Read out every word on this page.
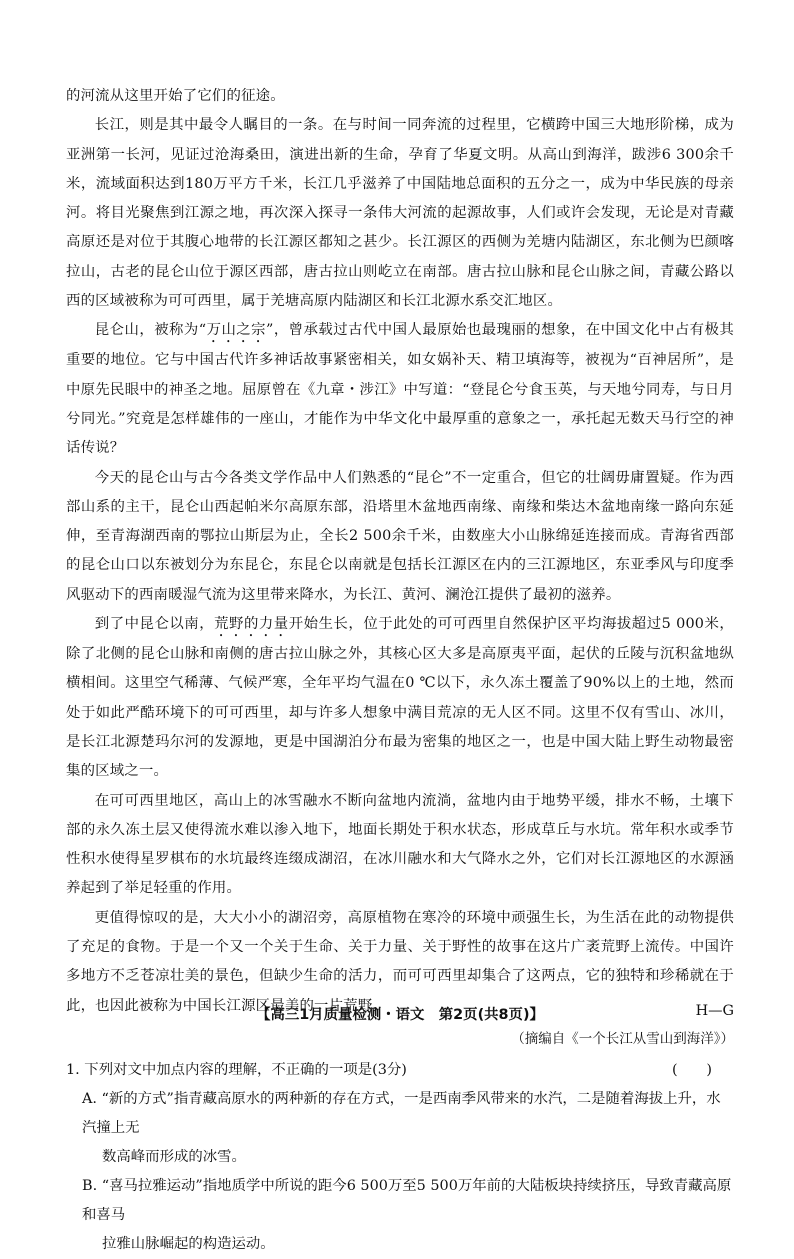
的河流从这里开始了它们的征途。

长江，则是其中最令人瞩目的一条。在与时间一同奔流的过程里，它横跨中国三大地形阶梯，成为亚洲第一长河，见证过沧海桑田，演进出新的生命，孕育了华夏文明。从高山到海洋，跋涉6 300余千米，流域面积达到180万平方千米，长江几乎滋养了中国陆地总面积的五分之一，成为中华民族的母亲河。将目光聚焦到江源之地，再次深入探寻一条伟大河流的起源故事，人们或许会发现，无论是对青藏高原还是对位于其腹心地带的长江源区都知之甚少。长江源区的西侧为羌塘内陆湖区，东北侧为巴颜喀拉山，古老的昆仑山位于源区西部，唐古拉山则屹立在南部。唐古拉山脉和昆仑山脉之间，青藏公路以西的区域被称为可可西里，属于羌塘高原内陆湖区和长江北源水系交汇地区。

昆仑山，被称为“万山之宗”，曾承载过古代中国人最原始也最瑰丽的想象，在中国文化中占有极其重要的地位。它与中国古代许多神话故事紧密相关，如女娲补天、精卫填海等，被视为“百神居所”，是中原先民眼中的神圣之地。屈原曾在《九章・涉江》中写道：“登昆仑兮食玉英，与天地兮同寿，与日月兮同光。”究竟是怎样雄伟的一座山，才能作为中华文化中最厚重的意象之一，承托起无数天马行空的神话传说？

今天的昆仑山与古今各类文学作品中人们熟悉的“昆仑”不一定重合，但它的壮阔毋庸置疑。作为西部山系的主干，昆仑山西起帕米尔高原东部，沿塔里木盆地西南缘、南缘和柴达木盆地南缘一路向东延伸，至青海湖西南的鄂拉山斯层为止，全长2 500余千米，由数座大小山脉绵延连接而成。青海省西部的昆仑山口以东被划分为东昆仑，东昆仑以南就是包括长江源区在内的三江源地区，东亚季风与印度季风驱动下的西南暖湿气流为这里带来降水，为长江、黄河、澜沧江提供了最初的滋养。

到了中昆仑以南，荒野的力量开始生长，位于此处的可可西里自然保护区平均海拔超过5 000米，除了北侧的昆仑山脉和南侧的唐古拉山脉之外，其核心区大多是高原夷平面，起伏的丘陵与沉积盆地纵横相间。这里空气稀薄、气候严寒，全年平均气温在0 ℃以下，永久冻土覆盖了90%以上的土地，然而处于如此严酷环境下的可可西里，却与许多人想象中满目荒凉的无人区不同。这里不仅有雪山、冰川，是长江北源楚玛尔河的发源地，更是中国湖泊分布最为密集的地区之一，也是中国大陆上野生动物最密集的区域之一。

在可可西里地区，高山上的冰雪融水不断向盆地内流淌，盆地内由于地势平缓，排水不畅，土壤下部的永久冻土层又使得流水难以渗入地下，地面长期处于积水状态，形成草丘与水坑。常年积水或季节性积水使得星罗棋布的水坑最终连缀成湖沼，在冰川融水和大气降水之外，它们对长江源地区的水源涵养起到了举足轻重的作用。

更值得惊叹的是，大大小小的湖沼旁，高原植物在寒冷的环境中顽强生长，为生活在此的动物提供了充足的食物。于是一个又一个关于生命、关于力量、关于野性的故事在这片广袤荒野上流传。中国许多地方不乏苍凉壮美的景色，但缺少生命的活力，而可可西里却集合了这两点，它的独特和珍稀就在于此，也因此被称为中国长江源区最美的一片荒野。

（摘编自《一个长江从雪山到海洋》）
1. 下列对文中加点内容的理解，不正确的一项是(3分)	(　　)

A. “新的方式”指青藏高原水的两种新的存在方式，一是西南季风带来的水汽，二是随着海拔上升，水汽撞上无

数高峰而形成的冰雪。

B. “喜马拉雅运动”指地质学中所说的距今6 500万至5 500万年前的大陆板块持续挤压，导致青藏高原和喜马

拉雅山脉崛起的构造运动。

【高三1月质量检测・语文　第2页(共8页)】	H—G
